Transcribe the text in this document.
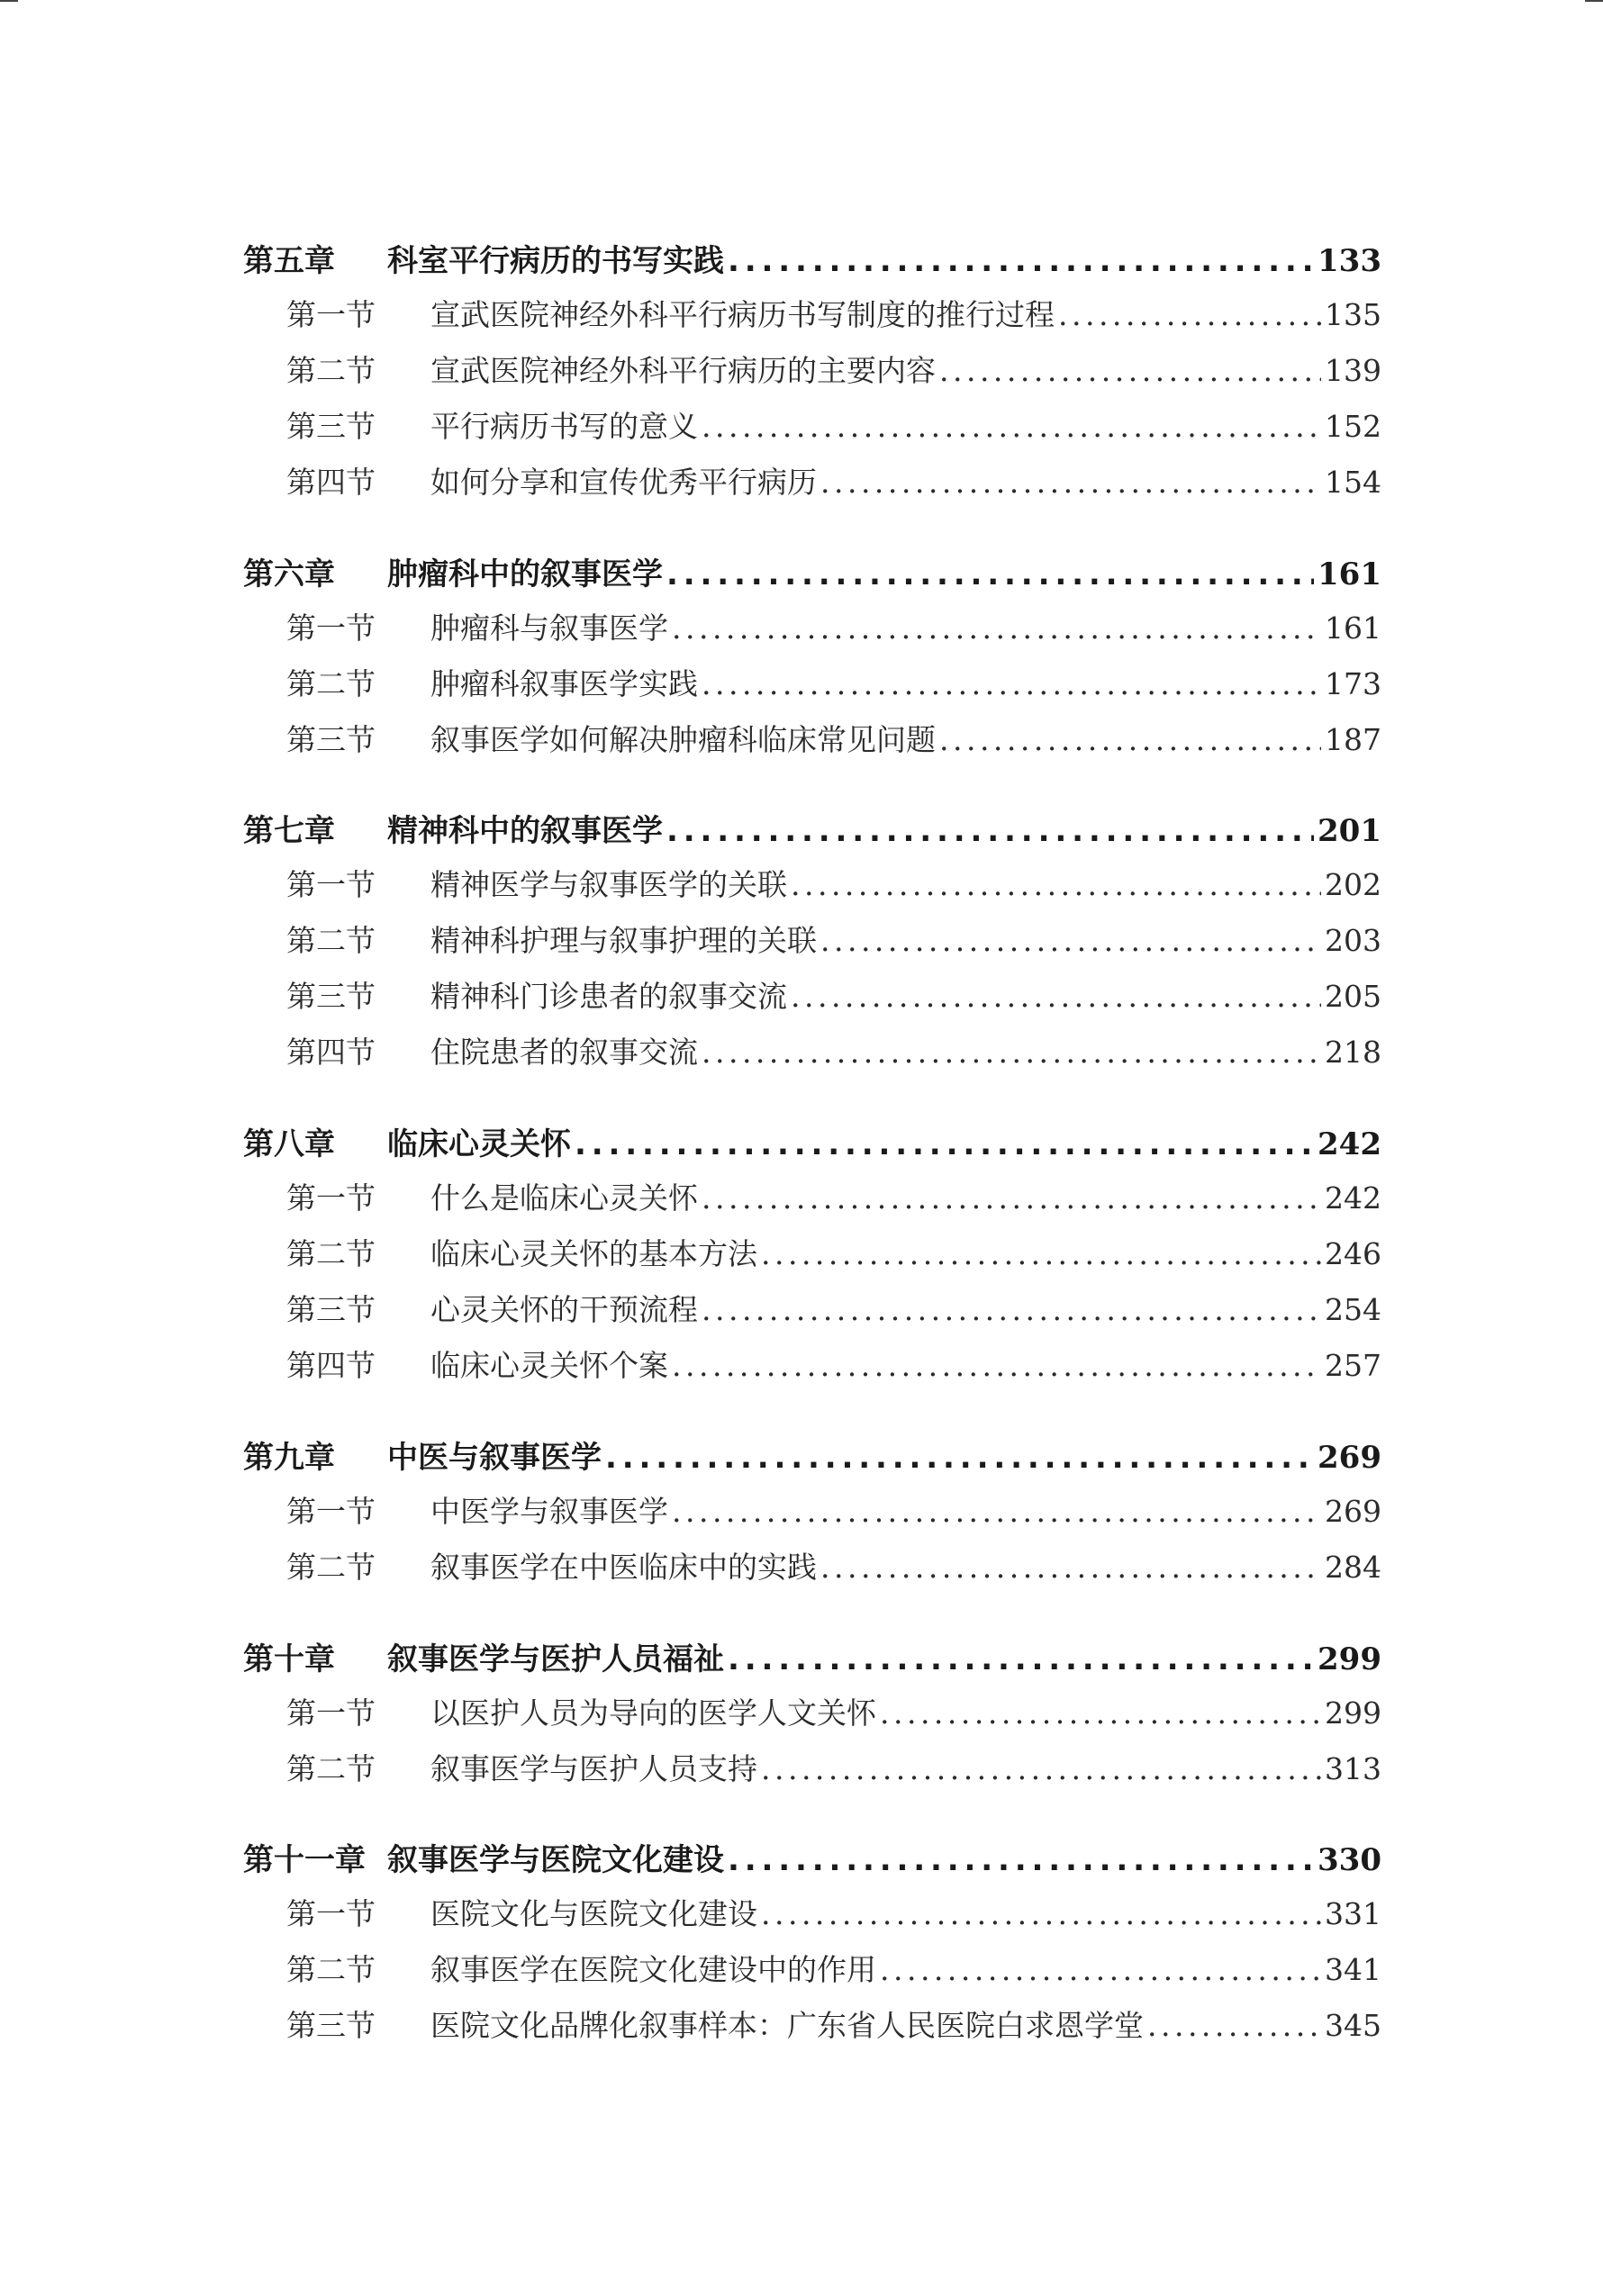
第五章	科室平行病历的书写实践 . . .	133
第一节	宣武医院神经外科平行病历书写制度的推行过程 . . .	135
第二节	宣武医院神经外科平行病历的主要内容 . . .	139
第三节	平行病历书写的意义 . . .	152
第四节	如何分享和宣传优秀平行病历 . . .	154
第六章	肿瘤科中的叙事医学 . . .	161
第一节	肿瘤科与叙事医学 . . .	161
第二节	肿瘤科叙事医学实践 . . .	173
第三节	叙事医学如何解决肿瘤科临床常见问题 . . .	187
第七章	精神科中的叙事医学 . . .	201
第一节	精神医学与叙事医学的关联 . . .	202
第二节	精神科护理与叙事护理的关联 . . .	203
第三节	精神科门诊患者的叙事交流 . . .	205
第四节	住院患者的叙事交流 . . .	218
第八章	临床心灵关怀 . . .	242
第一节	什么是临床心灵关怀 . . .	242
第二节	临床心灵关怀的基本方法 . . .	246
第三节	心灵关怀的干预流程 . . .	254
第四节	临床心灵关怀个案 . . .	257
第九章	中医与叙事医学 . . .	269
第一节	中医学与叙事医学 . . .	269
第二节	叙事医学在中医临床中的实践 . . .	284
第十章	叙事医学与医护人员福祉 . . .	299
第一节	以医护人员为导向的医学人文关怀 . . .	299
第二节	叙事医学与医护人员支持 . . .	313
第十一章 叙事医学与医院文化建设 . . .	330
第一节	医院文化与医院文化建设 . . .	331
第二节	叙事医学在医院文化建设中的作用 . . .	341
第三节	医院文化品牌化叙事样本：广东省人民医院白求恩学堂 . . .	345
